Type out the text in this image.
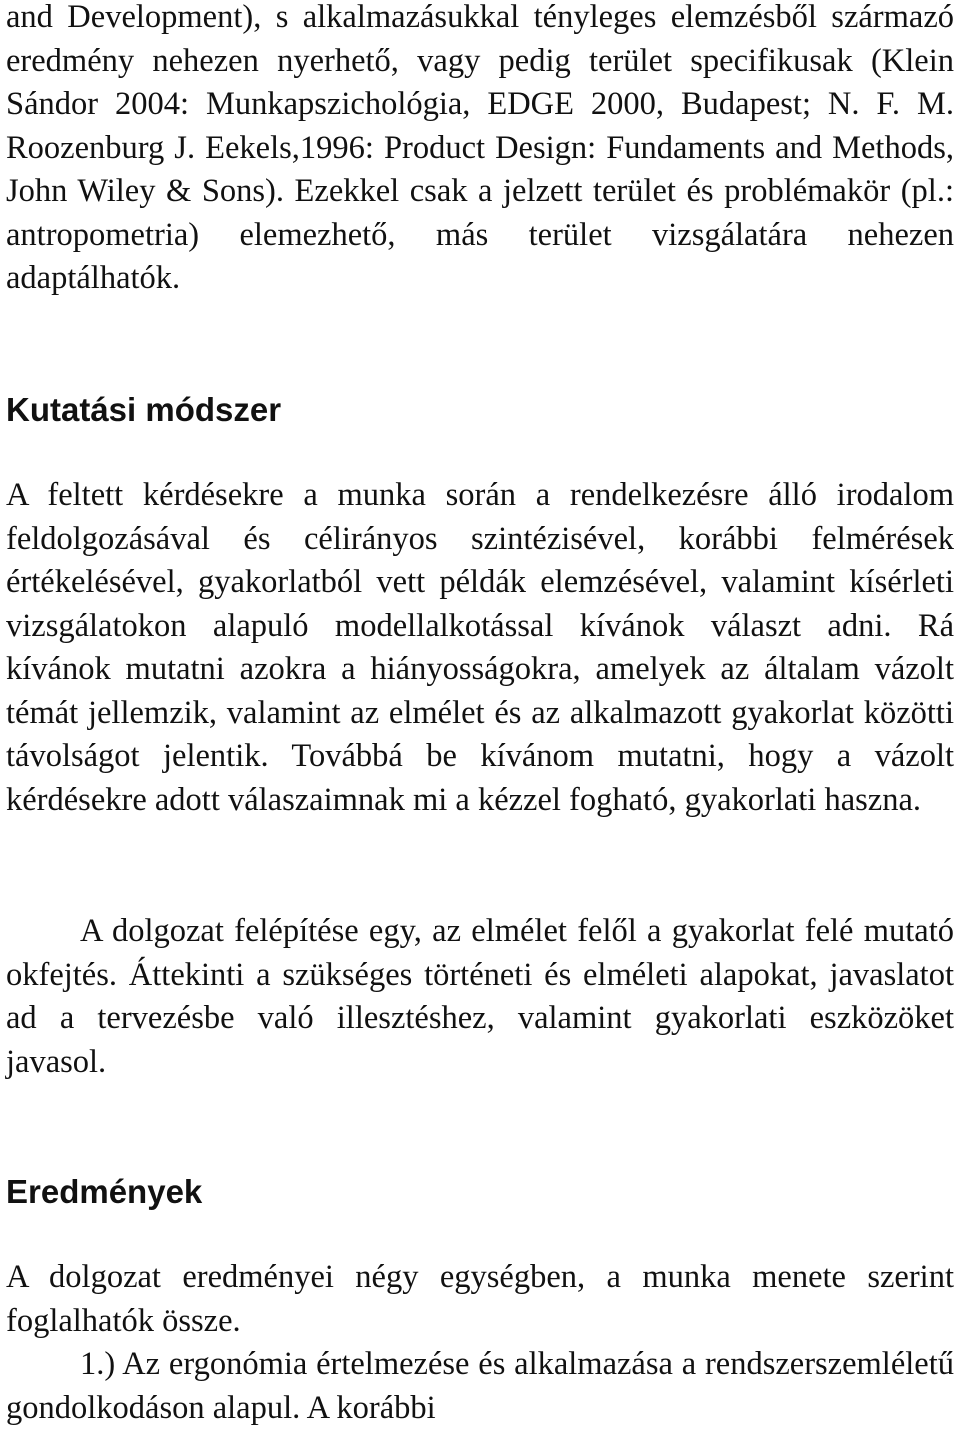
and Development), s alkalmazásukkal tényleges elemzésből származó eredmény nehezen nyerhető, vagy pedig terület specifikusak (Klein Sándor 2004: Munkapszichológia, EDGE 2000, Budapest; N. F. M. Roozenburg J. Eekels,1996: Product Design: Fundaments and Methods, John Wiley & Sons). Ezekkel csak a jelzett terület és problémakör (pl.: antropometria) elemezhető, más terület vizsgálatára nehezen adaptálhatók.

Kutatási módszer

A feltett kérdésekre a munka során a rendelkezésre álló irodalom feldolgozásával és célirányos szintézisével, korábbi felmérések értékelésével, gyakorlatból vett példák elemzésével, valamint kísérleti vizsgálatokon alapuló modellalkotással kívánok választ adni. Rá kívánok mutatni azokra a hiányosságokra, amelyek az általam vázolt témát jellemzik, valamint az elmélet és az alkalmazott gyakorlat közötti távolságot jelentik. Továbbá be kívánom mutatni, hogy a vázolt kérdésekre adott válaszaimnak mi a kézzel fogható, gyakorlati haszna.

A dolgozat felépítése egy, az elmélet felől a gyakorlat felé mutató okfejtés. Áttekinti a szükséges történeti és elméleti alapokat, javaslatot ad a tervezésbe való illesztéshez, valamint gyakorlati eszközöket javasol.

Eredmények

A dolgozat eredményei négy egységben, a munka menete szerint foglalhatók össze.

1.) Az ergonómia értelmezése és alkalmazása a rendszerszemléletű gondolkodáson alapul. A korábbi
